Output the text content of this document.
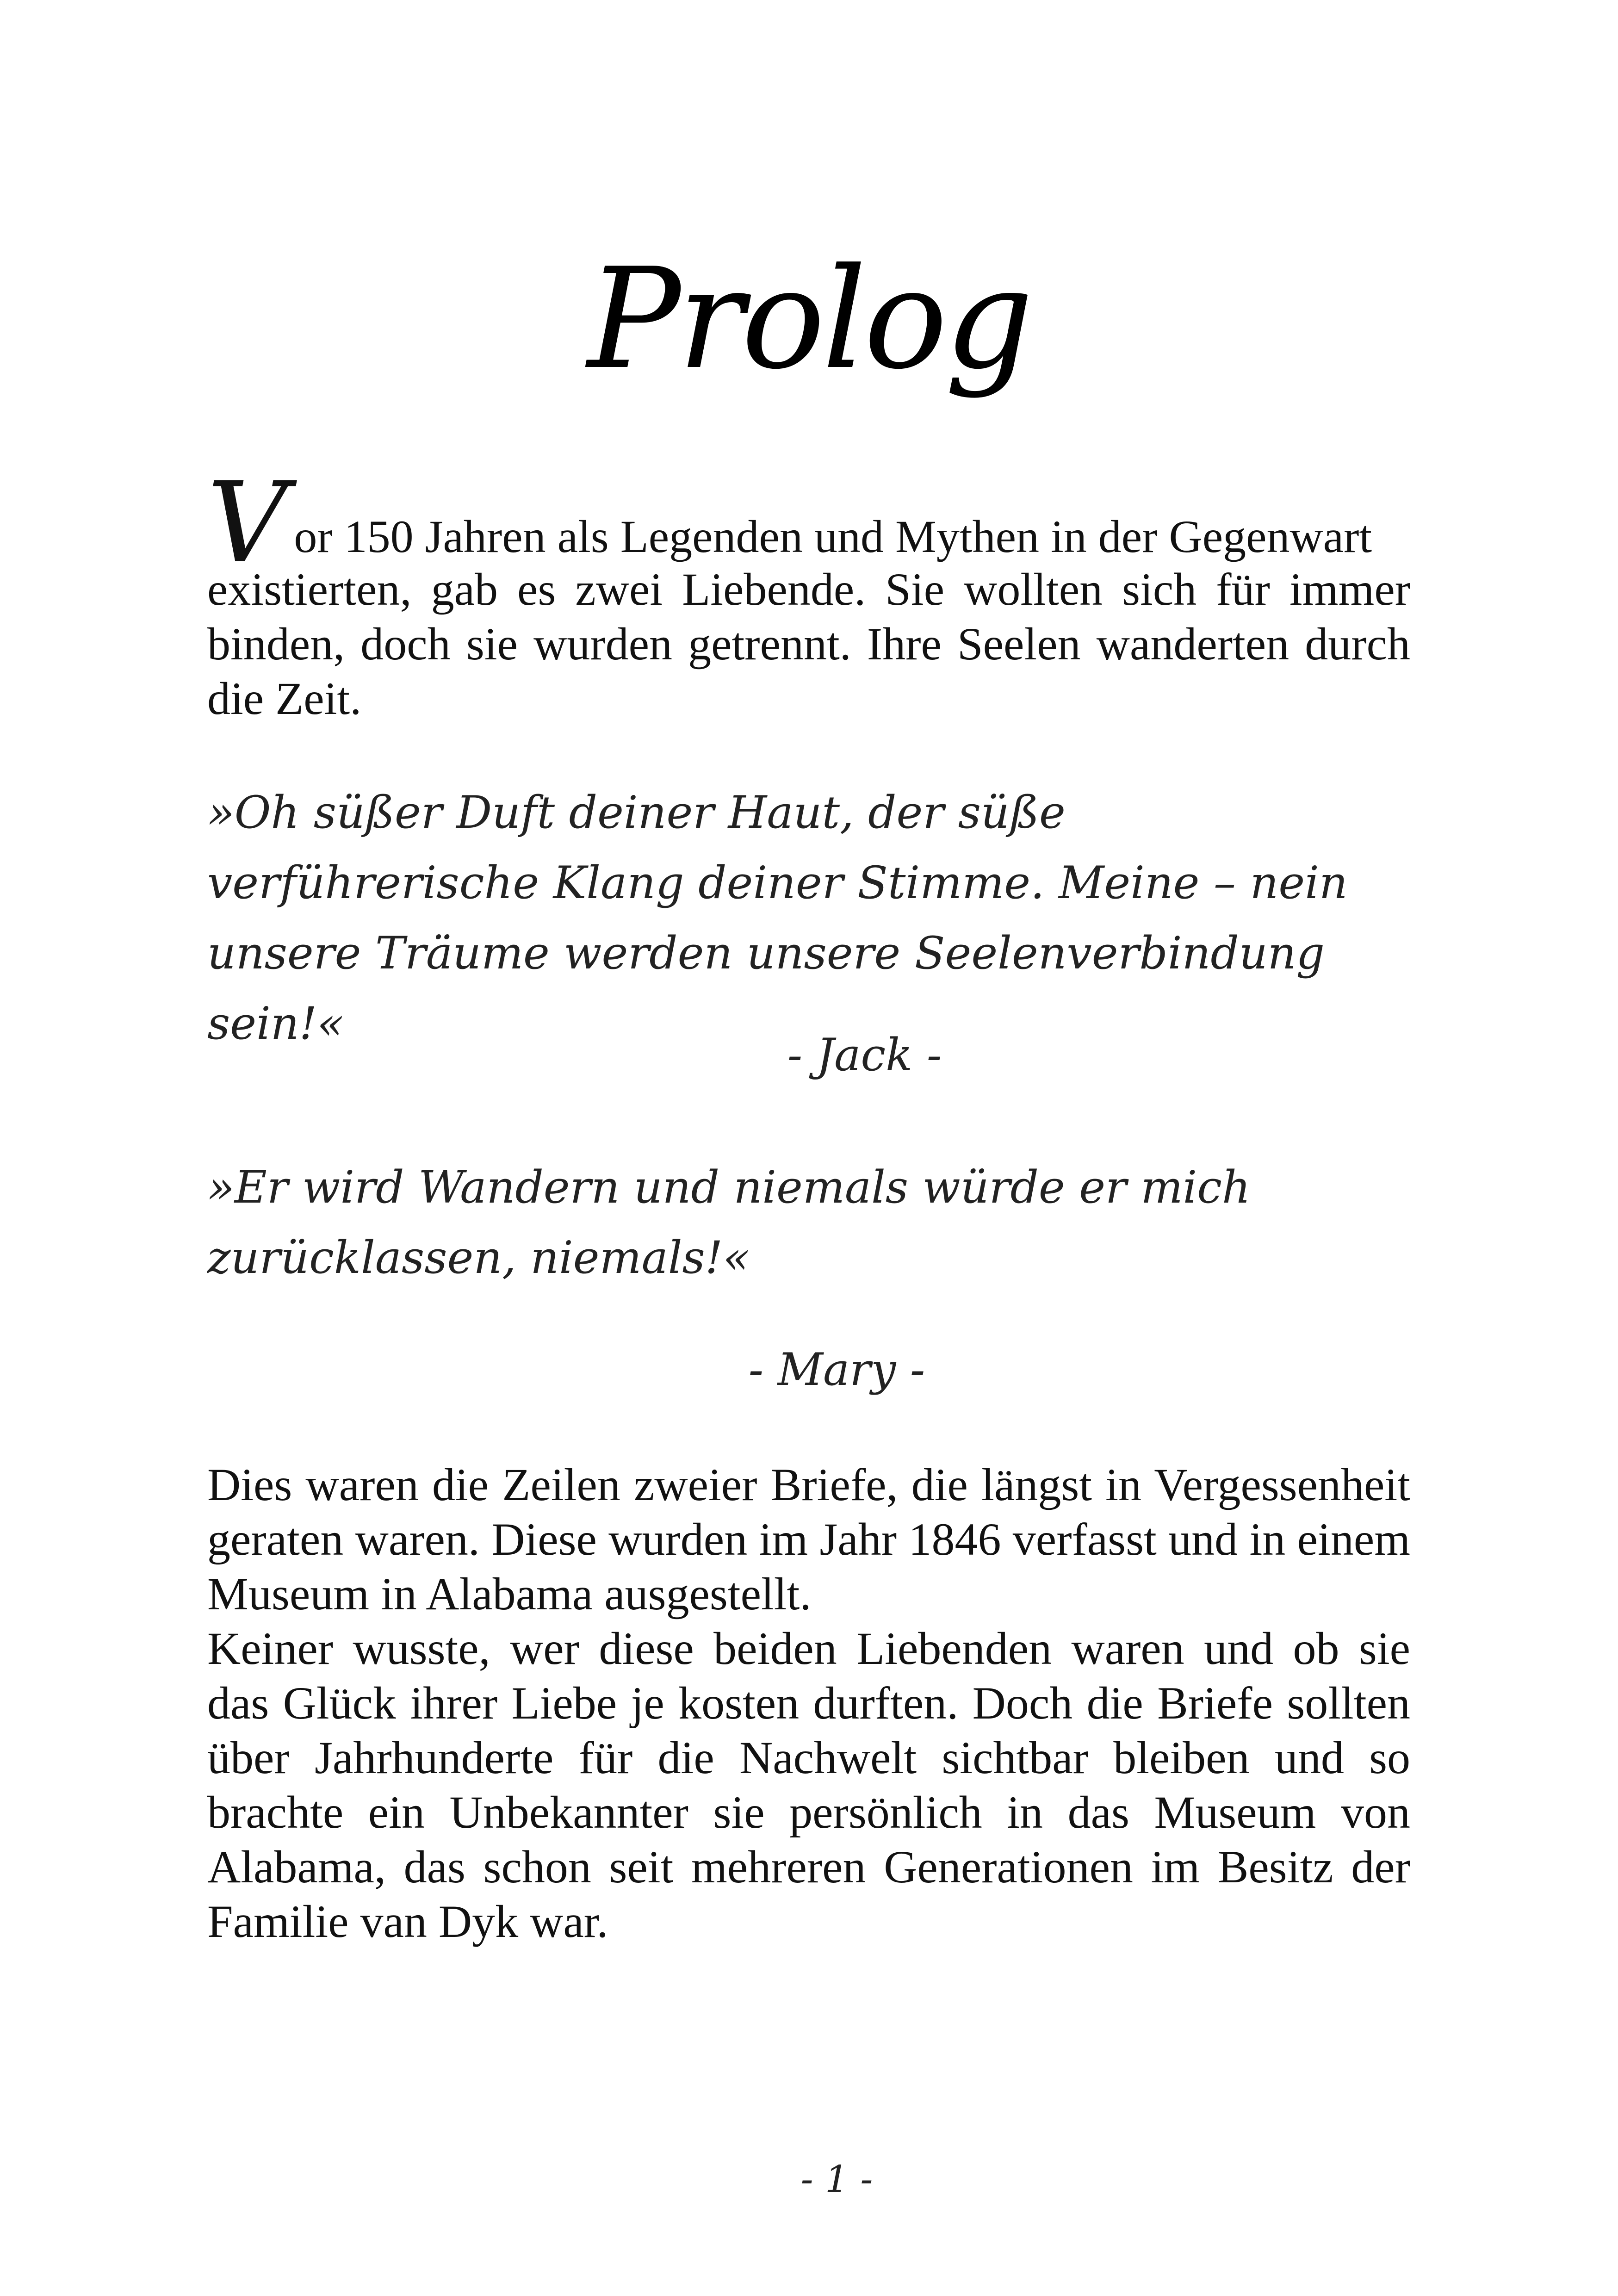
Prolog
Vor 150 Jahren als Legenden und Mythen in der Gegenwart
existierten, gab es zwei Liebende. Sie wollten sich für immer binden, doch sie wurden getrennt. Ihre Seelen wanderten durch die Zeit.
»Oh süßer Duft deiner Haut, der süße verführerische Klang deiner Stimme. Meine – nein unsere Träume werden unsere Seelenverbindung sein!«
- Jack -
»Er wird Wandern und niemals würde er mich zurücklassen, niemals!«
- Mary -
Dies waren die Zeilen zweier Briefe, die längst in Vergessenheit geraten waren. Diese wurden im Jahr 1846 verfasst und in einem Museum in Alabama ausgestellt.
Keiner wusste, wer diese beiden Liebenden waren und ob sie das Glück ihrer Liebe je kosten durften. Doch die Briefe sollten über Jahrhunderte für die Nachwelt sichtbar bleiben und so brachte ein Unbekannter sie persönlich in das Museum von Alabama, das schon seit mehreren Generationen im Besitz der Familie van Dyk war.
- 1 -
